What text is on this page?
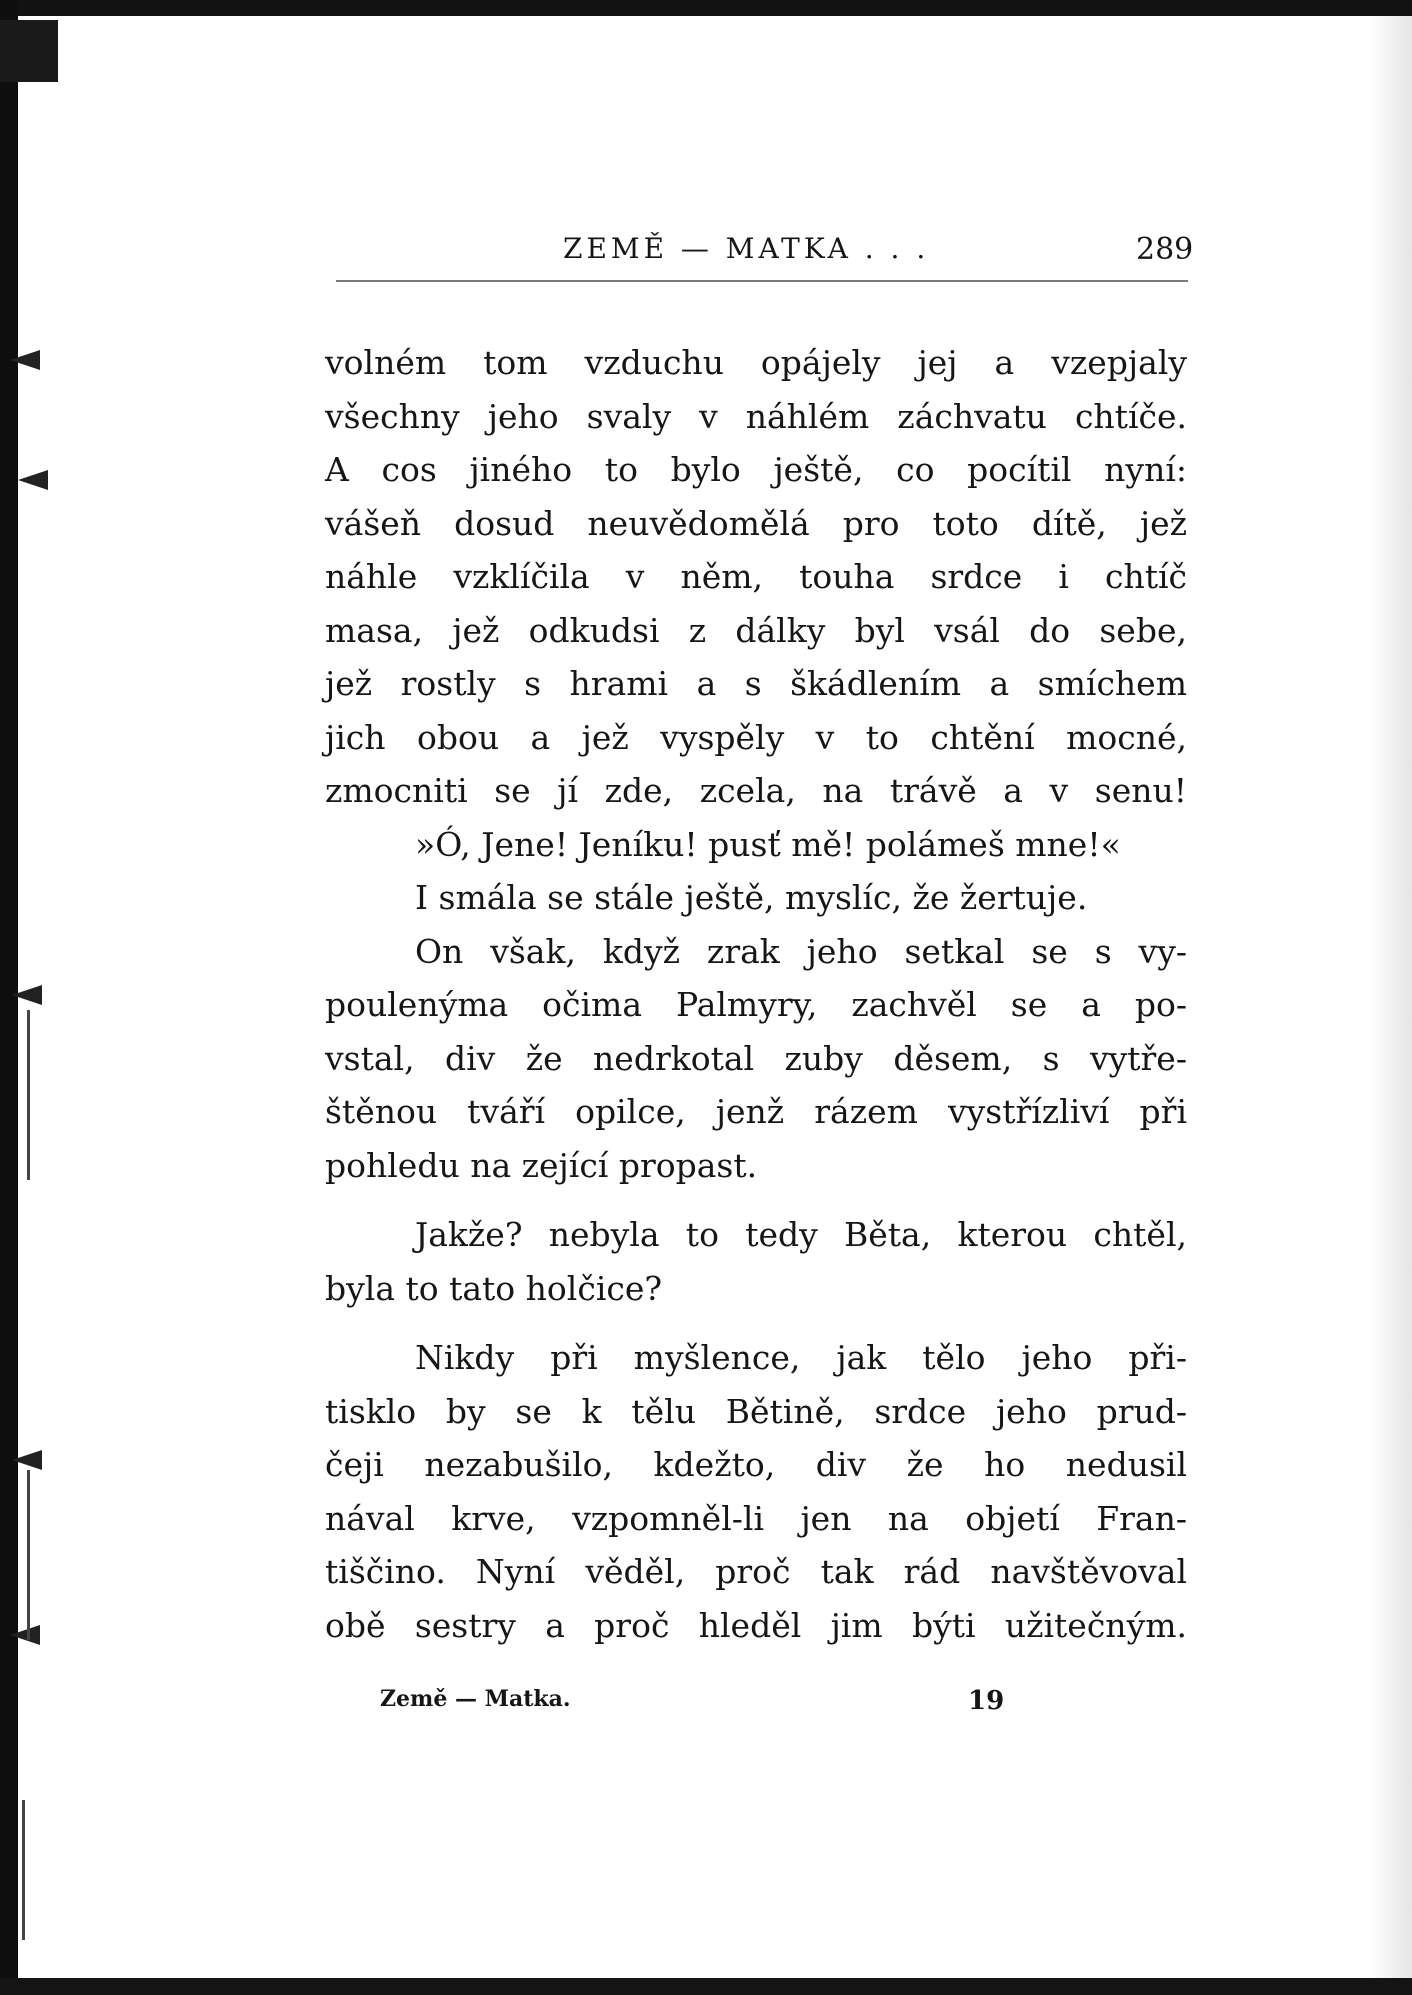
ZEMĚ — MATKA . . .	289
volném tom vzduchu opájely jej a vzepjaly
všechny jeho svaly v náhlém záchvatu chtíče.
A cos jiného to bylo ještě, co pocítil nyní:
vášeň dosud neuvědomělá pro toto dítě, jež
náhle vzklíčila v něm, touha srdce i chtíč
masa, jež odkudsi z dálky byl vsál do sebe,
jež rostly s hrami a s škádlením a smíchem
jich obou a jež vyspěly v to chtění mocné,
zmocniti se jí zde, zcela, na trávě a v senu!
»Ó, Jene! Jeníku! pusť mě! polámeš mne!«
I smála se stále ještě, myslíc, že žertuje.
On však, když zrak jeho setkal se s vy-
poulenýma očima Palmyry, zachvěl se a po-
vstal, div že nedrkotal zuby děsem, s vytře-
štěnou tváří opilce, jenž rázem vystřízliví při
pohledu na zející propast.
Jakže? nebyla to tedy Běta, kterou chtěl,
byla to tato holčice?
Nikdy při myšlence, jak tělo jeho při-
tisklo by se k tělu Bětině, srdce jeho prud-
čeji nezabušilo, kdežto, div že ho nedusil
nával krve, vzpomněl-li jen na objetí Fran-
tiščino. Nyní věděl, proč tak rád navštěvoval
obě sestry a proč hleděl jim býti užitečným.
Země — Matka.	19
